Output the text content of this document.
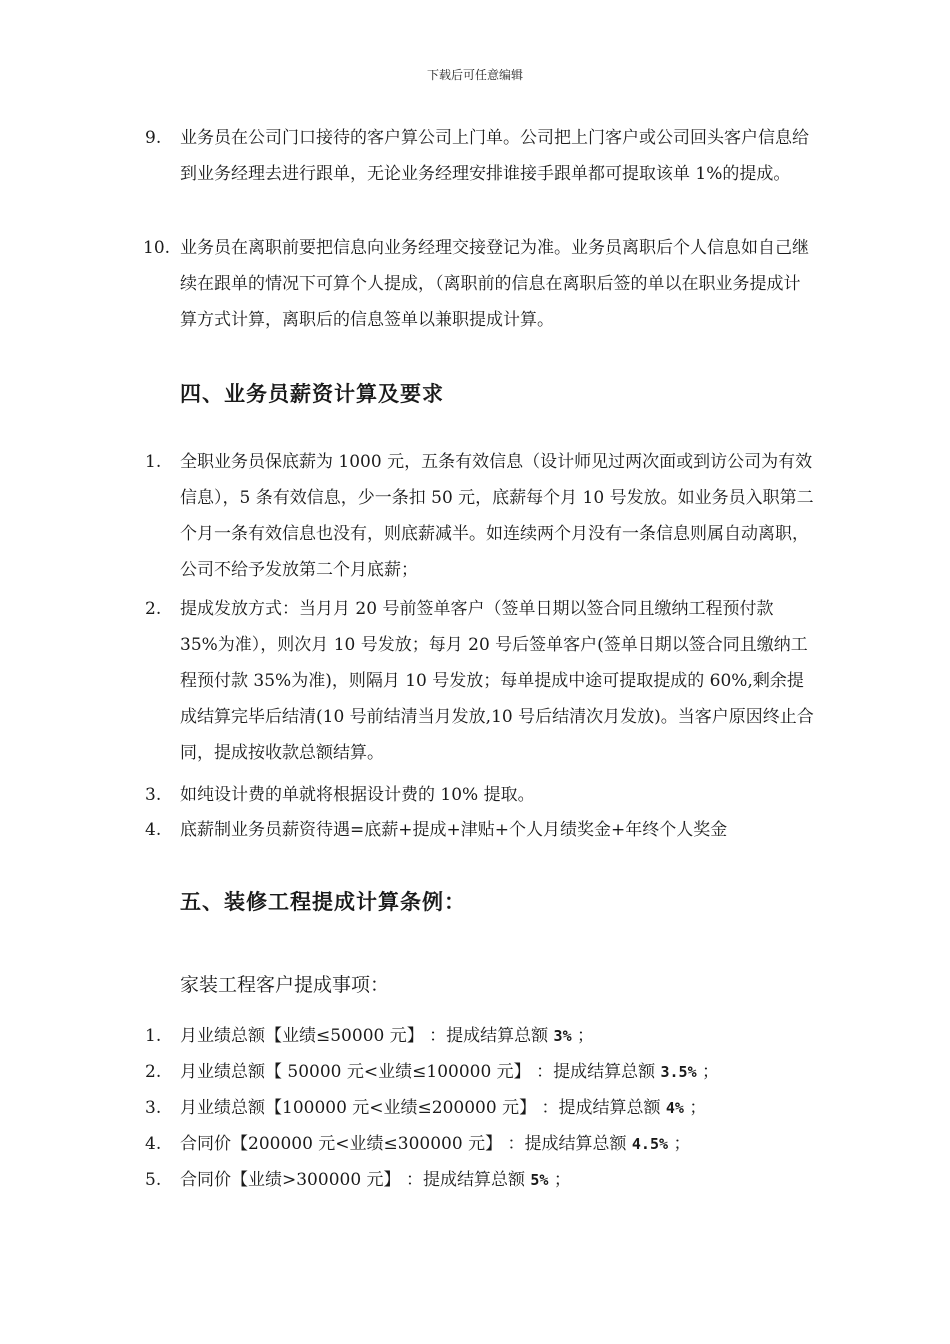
下载后可任意编辑
9. 业务员在公司门口接待的客户算公司上门单。公司把上门客户或公司回头客户信息给到业务经理去进行跟单，无论业务经理安排谁接手跟单都可提取该单 1%的提成。
10. 业务员在离职前要把信息向业务经理交接登记为准。业务员离职后个人信息如自己继续在跟单的情况下可算个人提成，（离职前的信息在离职后签的单以在职业务提成计算方式计算，离职后的信息签单以兼职提成计算。
四、业务员薪资计算及要求
1. 全职业务员保底薪为 1000 元，五条有效信息（设计师见过两次面或到访公司为有效信息），5 条有效信息，少一条扣 50 元，底薪每个月 10 号发放。如业务员入职第二个月一条有效信息也没有，则底薪减半。如连续两个月没有一条信息则属自动离职，公司不给予发放第二个月底薪；
2. 提成发放方式：当月月 20 号前签单客户（签单日期以签合同且缴纳工程预付款 35%为准），则次月 10 号发放；每月 20 号后签单客户(签单日期以签合同且缴纳工程预付款 35%为准)，则隔月 10 号发放；每单提成中途可提取提成的 60%,剩余提成结算完毕后结清(10 号前结清当月发放,10 号后结清次月发放)。当客户原因终止合同，提成按收款总额结算。
3. 如纯设计费的单就将根据设计费的 10% 提取。
4. 底薪制业务员薪资待遇=底薪+提成+津贴+个人月绩奖金+年终个人奖金
五、装修工程提成计算条例：
家装工程客户提成事项：
1. 月业绩总额【业绩≤50000 元】 ：提成结算总额 3% ；
2. 月业绩总额【 50000 元<业绩≤100000 元】 ：提成结算总额 3.5% ；
3. 月业绩总额【100000 元<业绩≤200000 元】 ：提成结算总额 4% ；
4. 合同价【200000 元<业绩≤300000 元】 ：提成结算总额 4.5% ；
5. 合同价【业绩>300000 元】 ：提成结算总额 5% ；
